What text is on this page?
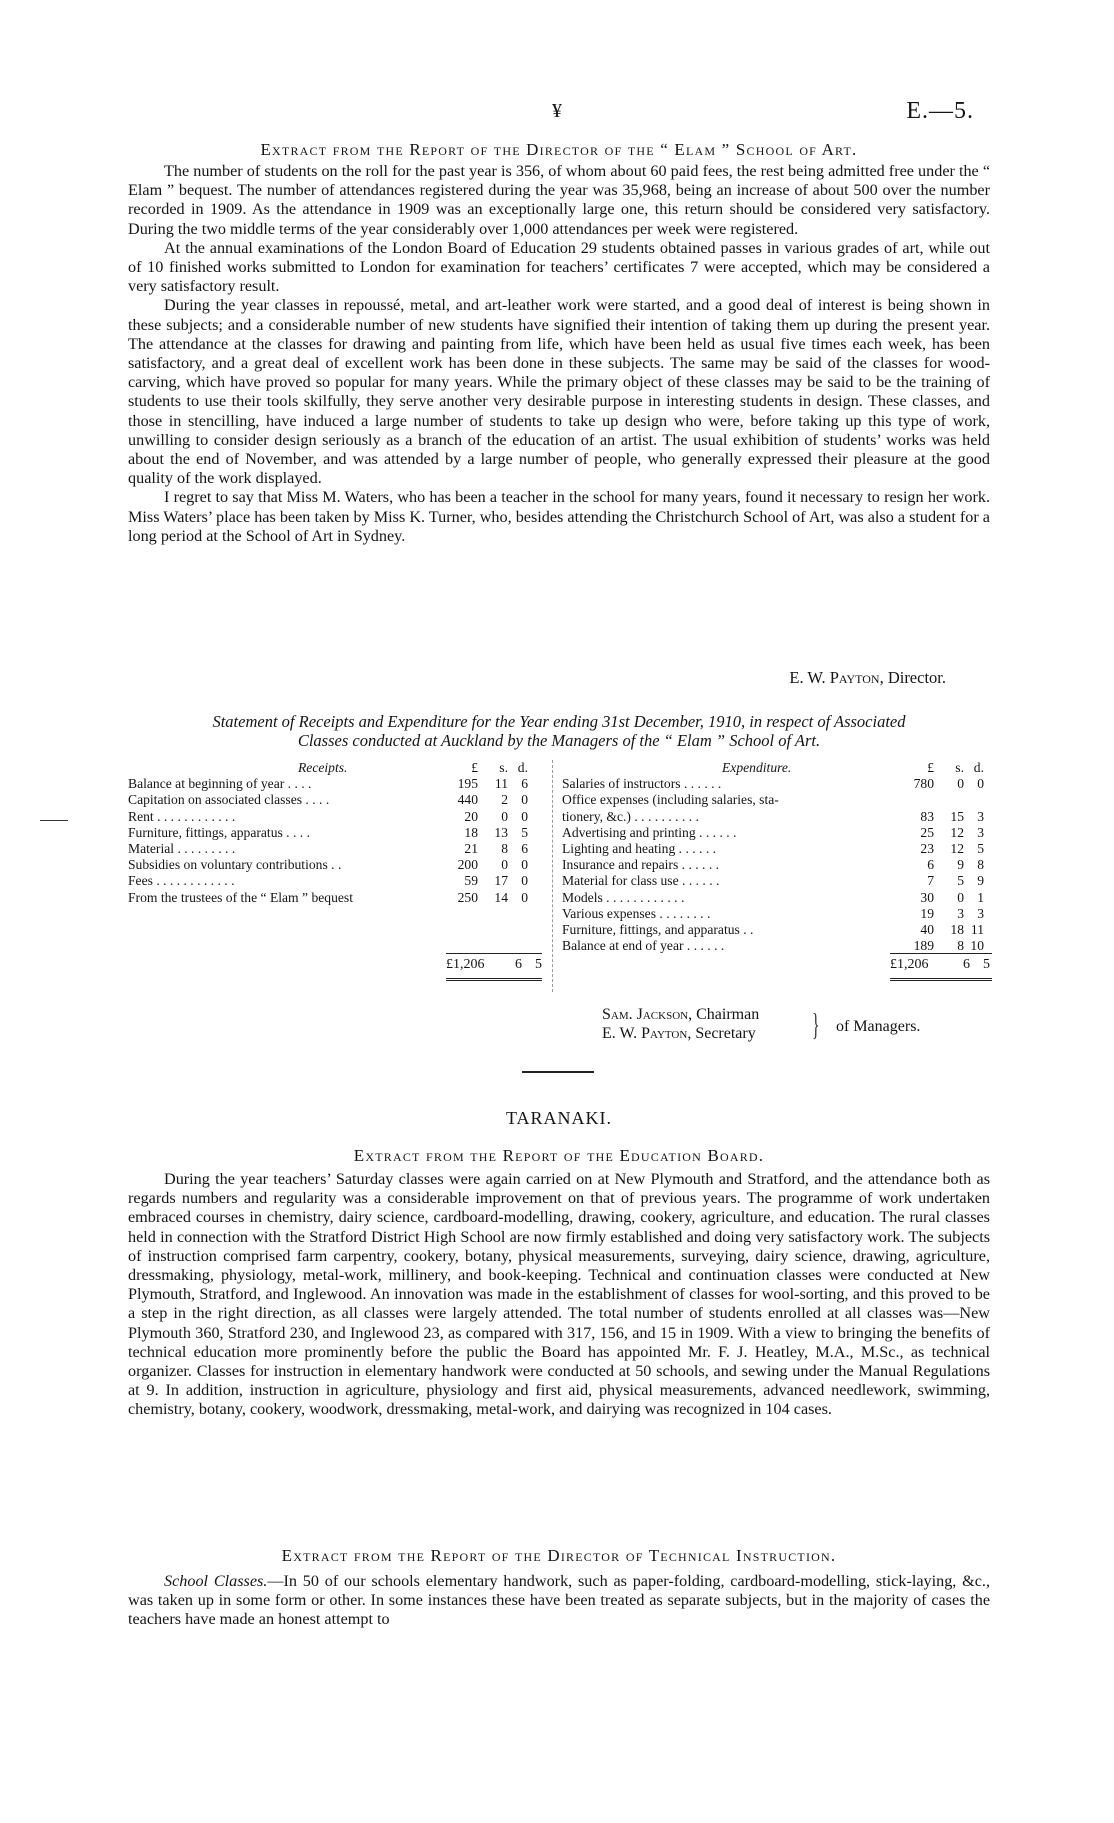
¥	E.—5.
Extract from the Report of the Director of the “ Elam ” School of Art.

The number of students on the roll for the past year is 356, of whom about 60 paid fees, the rest being admitted free under the “ Elam ” bequest. The number of attendances registered during the year was 35,968, being an increase of about 500 over the number recorded in 1909. As the attendance in 1909 was an exceptionally large one, this return should be considered very satisfactory. During the two middle terms of the year considerably over 1,000 attendances per week were registered.

At the annual examinations of the London Board of Education 29 students obtained passes in various grades of art, while out of 10 finished works submitted to London for examination for teachers’ certificates 7 were accepted, which may be considered a very satisfactory result.

During the year classes in repoussé, metal, and art-leather work were started, and a good deal of interest is being shown in these subjects; and a considerable number of new students have signified their intention of taking them up during the present year. The attendance at the classes for drawing and painting from life, which have been held as usual five times each week, has been satisfactory, and a great deal of excellent work has been done in these subjects. The same may be said of the classes for wood-carving, which have proved so popular for many years. While the primary object of these classes may be said to be the training of students to use their tools skilfully, they serve another very desirable purpose in interesting students in design. These classes, and those in stencilling, have induced a large number of students to take up design who were, before taking up this type of work, unwilling to consider design seriously as a branch of the education of an artist. The usual exhibition of students’ works was held about the end of November, and was attended by a large number of people, who generally expressed their pleasure at the good quality of the work displayed.

I regret to say that Miss M. Waters, who has been a teacher in the school for many years, found it necessary to resign her work. Miss Waters’ place has been taken by Miss K. Turner, who, besides attending the Christchurch School of Art, was also a student for a long period at the School of Art in Sydney.

E. W. Payton, Director.
Statement of Receipts and Expenditure for the Year ending 31st December, 1910, in respect of Associated
Classes conducted at Auckland by the Managers of the “ Elam ” School of Art.
Receipts.	£	s. d.
Balance at beginning of year . . . .	195	11 6
Capitation on associated classes . . . .	440	2 0
Rent . . . . . . . . . . . .	20	0 0
Furniture, fittings, apparatus . . . .	18	13 5
Material . . . . . . . . .	21	8 6
Subsidies on voluntary contributions . .	200	0 0
Fees . . . . . . . . . . . .	59	17 0
From the trustees of the “ Elam ” bequest	250	14 0
Expenditure.	£	s. d.
Salaries of instructors . . . . . .	780	0 0
Office expenses (including salaries, sta-
tionery, &c.) . . . . . . . . . .	83	15 3
Advertising and printing . . . . . .	25	12 3
Lighting and heating . . . . . .	23	12 5
Insurance and repairs . . . . . .	6	9 8
Material for class use . . . . . .	7	5 9
Models . . . . . . . . . . . .	30	0 1
Various expenses . . . . . . . .	19	3 3
Furniture, fittings, and apparatus . .	40	18 11
Balance at end of year . . . . . .	189	8 10
£1,206 6 5	£1,206 6 5
Sam. Jackson, Chairman
E. W. Payton, Secretary } of Managers.
TARANAKI.
Extract from the Report of the Education Board.

During the year teachers’ Saturday classes were again carried on at New Plymouth and Stratford, and the attendance both as regards numbers and regularity was a considerable improvement on that of previous years. The programme of work undertaken embraced courses in chemistry, dairy science, cardboard-modelling, drawing, cookery, agriculture, and education. The rural classes held in connection with the Stratford District High School are now firmly established and doing very satisfactory work. The subjects of instruction comprised farm carpentry, cookery, botany, physical measurements, surveying, dairy science, drawing, agriculture, dressmaking, physiology, metal-work, millinery, and book-keeping. Technical and continuation classes were conducted at New Plymouth, Stratford, and Inglewood. An innovation was made in the establishment of classes for wool-sorting, and this proved to be a step in the right direction, as all classes were largely attended. The total number of students enrolled at all classes was—New Plymouth 360, Stratford 230, and Inglewood 23, as compared with 317, 156, and 15 in 1909. With a view to bringing the benefits of technical education more prominently before the public the Board has appointed Mr. F. J. Heatley, M.A., M.Sc., as technical organizer. Classes for instruction in elementary handwork were conducted at 50 schools, and sewing under the Manual Regulations at 9. In addition, instruction in agriculture, physiology and first aid, physical measurements, advanced needlework, swimming, chemistry, botany, cookery, woodwork, dressmaking, metal-work, and dairying was recognized in 104 cases.

Extract from the Report of the Director of Technical Instruction.

School Classes.—In 50 of our schools elementary handwork, such as paper-folding, cardboard-modelling, stick-laying, &c., was taken up in some form or other. In some instances these have been treated as separate subjects, but in the majority of cases the teachers have made an honest attempt to
